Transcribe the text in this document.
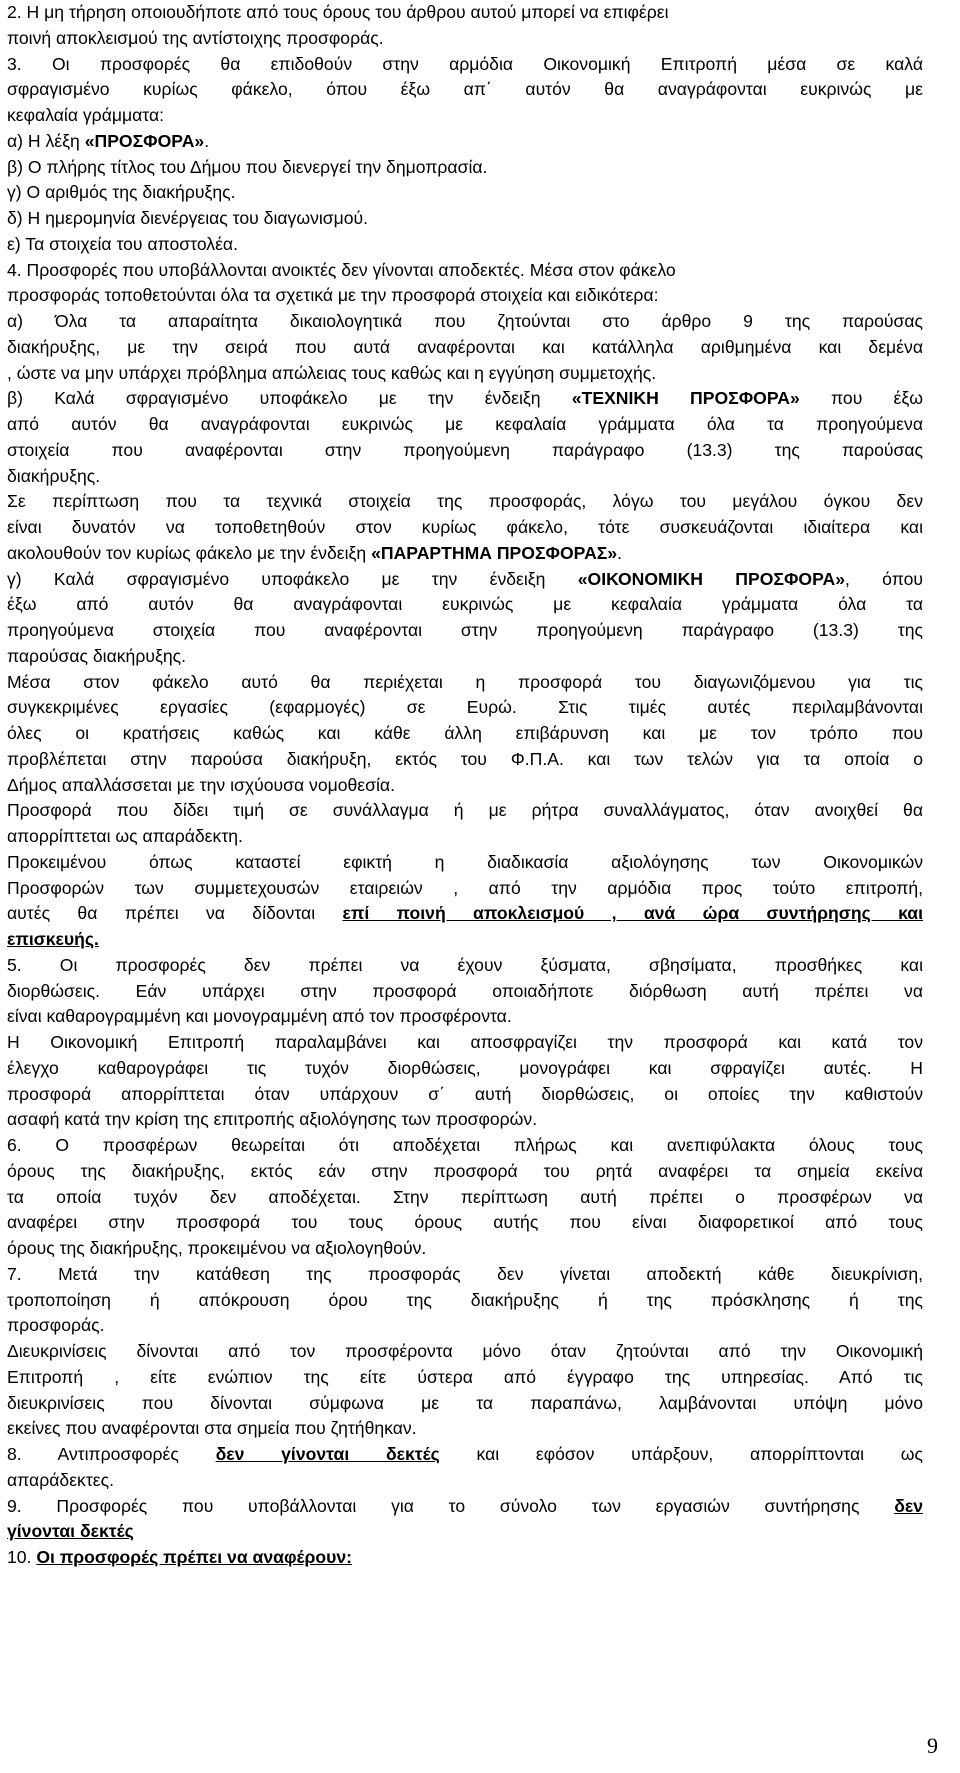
2. Η μη τήρηση οποιουδήποτε από τους όρους του άρθρου αυτού μπορεί να επιφέρει
ποινή αποκλεισμού της αντίστοιχης προσφοράς.
3. Οι προσφορές θα επιδοθούν στην αρμόδια Οικονομική Επιτροπή μέσα σε καλά
σφραγισμένο κυρίως φάκελο, όπου έξω απ΄ αυτόν θα αναγράφονται ευκρινώς με
κεφαλαία γράμματα:
α) Η λέξη «ΠΡΟΣΦΟΡΑ».
β) Ο πλήρης τίτλος του Δήμου που διενεργεί την δημοπρασία.
γ) Ο αριθμός της διακήρυξης.
δ) Η ημερομηνία διενέργειας του διαγωνισμού.
ε) Τα στοιχεία του αποστολέα.
4. Προσφορές που υποβάλλονται ανοικτές δεν γίνονται αποδεκτές. Μέσα στον φάκελο
προσφοράς τοποθετούνται όλα τα σχετικά με την προσφορά στοιχεία και ειδικότερα:
α) Όλα τα απαραίτητα δικαιολογητικά που ζητούνται στο άρθρο 9 της παρούσας
διακήρυξης, με την σειρά που αυτά αναφέρονται και κατάλληλα αριθμημένα και δεμένα
, ώστε να μην υπάρχει πρόβλημα απώλειας τους καθώς και η εγγύηση συμμετοχής.
β) Καλά σφραγισμένο υποφάκελο με την ένδειξη «ΤΕΧΝΙΚΗ ΠΡΟΣΦΟΡΑ» που έξω
από αυτόν θα αναγράφονται ευκρινώς με κεφαλαία γράμματα όλα τα προηγούμενα
στοιχεία που αναφέρονται στην προηγούμενη παράγραφο (13.3) της παρούσας
διακήρυξης.
Σε περίπτωση που τα τεχνικά στοιχεία της προσφοράς, λόγω του μεγάλου όγκου δεν
είναι δυνατόν να τοποθετηθούν στον κυρίως φάκελο, τότε συσκευάζονται ιδιαίτερα και
ακολουθούν τον κυρίως φάκελο με την ένδειξη «ΠΑΡΑΡΤΗΜΑ ΠΡΟΣΦΟΡΑΣ».
γ) Καλά σφραγισμένο υποφάκελο με την ένδειξη «ΟΙΚΟΝΟΜΙΚΗ ΠΡΟΣΦΟΡΑ», όπου
έξω από αυτόν θα αναγράφονται ευκρινώς με κεφαλαία γράμματα όλα τα
προηγούμενα στοιχεία που αναφέρονται στην προηγούμενη παράγραφο (13.3) της
παρούσας διακήρυξης.
Μέσα στον φάκελο αυτό θα περιέχεται η προσφορά του διαγωνιζόμενου για τις
συγκεκριμένες εργασίες (εφαρμογές) σε Ευρώ. Στις τιμές αυτές περιλαμβάνονται
όλες οι κρατήσεις καθώς και κάθε άλλη επιβάρυνση και με τον τρόπο που
προβλέπεται στην παρούσα διακήρυξη, εκτός του Φ.Π.Α. και των τελών για τα οποία ο
Δήμος απαλλάσσεται με την ισχύουσα νομοθεσία.
Προσφορά που δίδει τιμή σε συνάλλαγμα ή με ρήτρα συναλλάγματος, όταν ανοιχθεί θα
απορρίπτεται ως απαράδεκτη.
Προκειμένου όπως καταστεί εφικτή η διαδικασία αξιολόγησης των Οικονομικών
Προσφορών των συμμετεχουσών εταιρειών , από την αρμόδια προς τούτο επιτροπή,
αυτές θα πρέπει να δίδονται επί ποινή αποκλεισμού , ανά ώρα συντήρησης και
επισκευής.
5. Οι προσφορές δεν πρέπει να έχουν ξύσματα, σβησίματα, προσθήκες και
διορθώσεις. Εάν υπάρχει στην προσφορά οποιαδήποτε διόρθωση αυτή πρέπει να
είναι καθαρογραμμένη και μονογραμμένη από τον προσφέροντα.
Η Οικονομική Επιτροπή παραλαμβάνει και αποσφραγίζει την προσφορά και κατά τον
έλεγχο καθαρογράφει τις τυχόν διορθώσεις, μονογράφει και σφραγίζει αυτές. Η
προσφορά απορρίπτεται όταν υπάρχουν σ΄ αυτή διορθώσεις, οι οποίες την καθιστούν
ασαφή κατά την κρίση της επιτροπής αξιολόγησης των προσφορών.
6. Ο προσφέρων θεωρείται ότι αποδέχεται πλήρως και ανεπιφύλακτα όλους τους
όρους της διακήρυξης, εκτός εάν στην προσφορά του ρητά αναφέρει τα σημεία εκείνα
τα οποία τυχόν δεν αποδέχεται. Στην περίπτωση αυτή πρέπει ο προσφέρων να
αναφέρει στην προσφορά του τους όρους αυτής που είναι διαφορετικοί από τους
όρους της διακήρυξης, προκειμένου να αξιολογηθούν.
7. Μετά την κατάθεση της προσφοράς δεν γίνεται αποδεκτή κάθε διευκρίνιση,
τροποποίηση ή απόκρουση όρου της διακήρυξης ή της πρόσκλησης ή της
προσφοράς.
Διευκρινίσεις δίνονται από τον προσφέροντα μόνο όταν ζητούνται από την Οικονομική
Επιτροπή , είτε ενώπιον της είτε ύστερα από έγγραφο της υπηρεσίας. Από τις
διευκρινίσεις που δίνονται σύμφωνα με τα παραπάνω, λαμβάνονται υπόψη μόνο
εκείνες που αναφέρονται στα σημεία που ζητήθηκαν.
8. Αντιπροσφορές δεν γίνονται δεκτές και εφόσον υπάρξουν, απορρίπτονται ως
απαράδεκτες.
9. Προσφορές που υποβάλλονται για το σύνολο των εργασιών συντήρησης δεν
γίνονται δεκτές
10. Οι προσφορές πρέπει να αναφέρουν:
9
